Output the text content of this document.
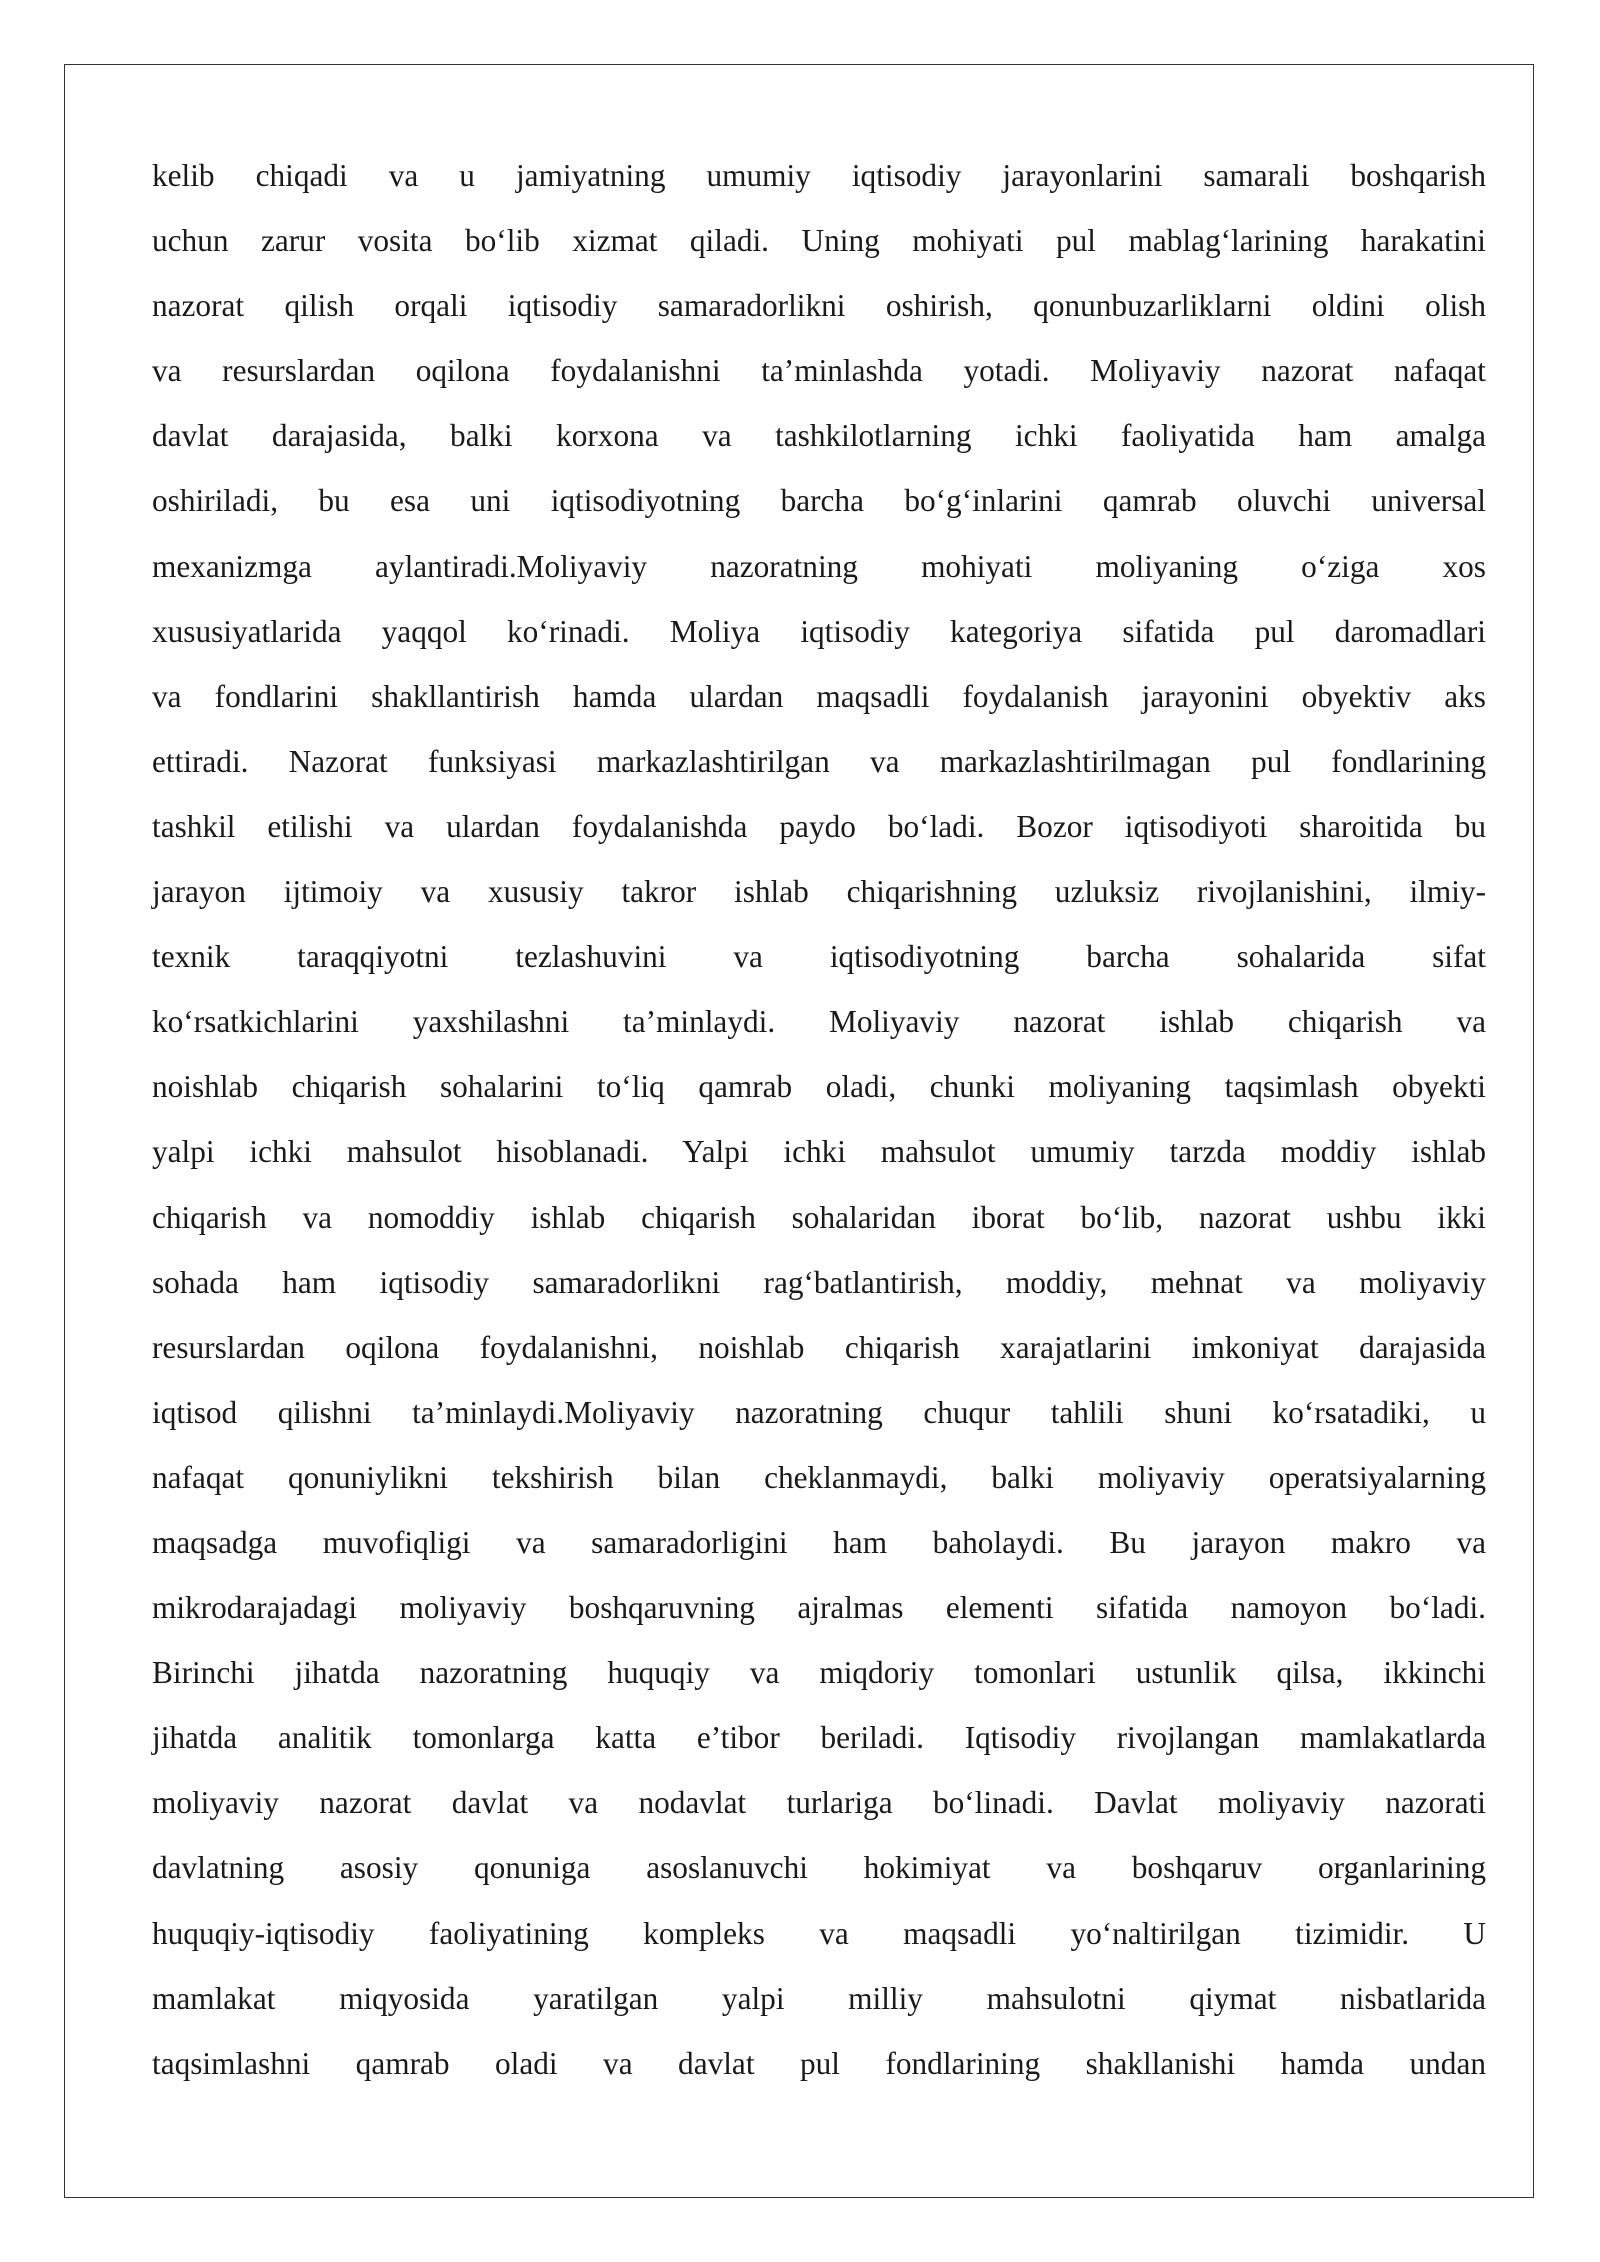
kelib chiqadi va u jamiyatning umumiy iqtisodiy jarayonlarini samarali boshqarish
uchun zarur vosita bo‘lib xizmat qiladi. Uning mohiyati pul mablag‘larining harakatini
nazorat qilish orqali iqtisodiy samaradorlikni oshirish, qonunbuzarliklarni oldini olish
va resurslardan oqilona foydalanishni ta’minlashda yotadi. Moliyaviy nazorat nafaqat
davlat darajasida, balki korxona va tashkilotlarning ichki faoliyatida ham amalga
oshiriladi, bu esa uni iqtisodiyotning barcha bo‘g‘inlarini qamrab oluvchi universal
mexanizmga aylantiradi.Moliyaviy nazoratning mohiyati moliyaning o‘ziga xos
xususiyatlarida yaqqol ko‘rinadi. Moliya iqtisodiy kategoriya sifatida pul daromadlari
va fondlarini shakllantirish hamda ulardan maqsadli foydalanish jarayonini obyektiv aks
ettiradi. Nazorat funksiyasi markazlashtirilgan va markazlashtirilmagan pul fondlarining
tashkil etilishi va ulardan foydalanishda paydo bo‘ladi. Bozor iqtisodiyoti sharoitida bu
jarayon ijtimoiy va xususiy takror ishlab chiqarishning uzluksiz rivojlanishini, ilmiy-
texnik taraqqiyotni tezlashuvini va iqtisodiyotning barcha sohalarida sifat
ko‘rsatkichlarini yaxshilashni ta’minlaydi. Moliyaviy nazorat ishlab chiqarish va
noishlab chiqarish sohalarini to‘liq qamrab oladi, chunki moliyaning taqsimlash obyekti
yalpi ichki mahsulot hisoblanadi. Yalpi ichki mahsulot umumiy tarzda moddiy ishlab
chiqarish va nomoddiy ishlab chiqarish sohalaridan iborat bo‘lib, nazorat ushbu ikki
sohada ham iqtisodiy samaradorlikni rag‘batlantirish, moddiy, mehnat va moliyaviy
resurslardan oqilona foydalanishni, noishlab chiqarish xarajatlarini imkoniyat darajasida
iqtisod qilishni ta’minlaydi.Moliyaviy nazoratning chuqur tahlili shuni ko‘rsatadiki, u
nafaqat qonuniylikni tekshirish bilan cheklanmaydi, balki moliyaviy operatsiyalarning
maqsadga muvofiqligi va samaradorligini ham baholaydi. Bu jarayon makro va
mikrodarajadagi moliyaviy boshqaruvning ajralmas elementi sifatida namoyon bo‘ladi.
Birinchi jihatda nazoratning huquqiy va miqdoriy tomonlari ustunlik qilsa, ikkinchi
jihatda analitik tomonlarga katta e’tibor beriladi. Iqtisodiy rivojlangan mamlakatlarda
moliyaviy nazorat davlat va nodavlat turlariga bo‘linadi. Davlat moliyaviy nazorati
davlatning asosiy qonuniga asoslanuvchi hokimiyat va boshqaruv organlarining
huquqiy-iqtisodiy faoliyatining kompleks va maqsadli yo‘naltirilgan tizimidir. U
mamlakat miqyosida yaratilgan yalpi milliy mahsulotni qiymat nisbatlarida
taqsimlashni qamrab oladi va davlat pul fondlarining shakllanishi hamda undan
